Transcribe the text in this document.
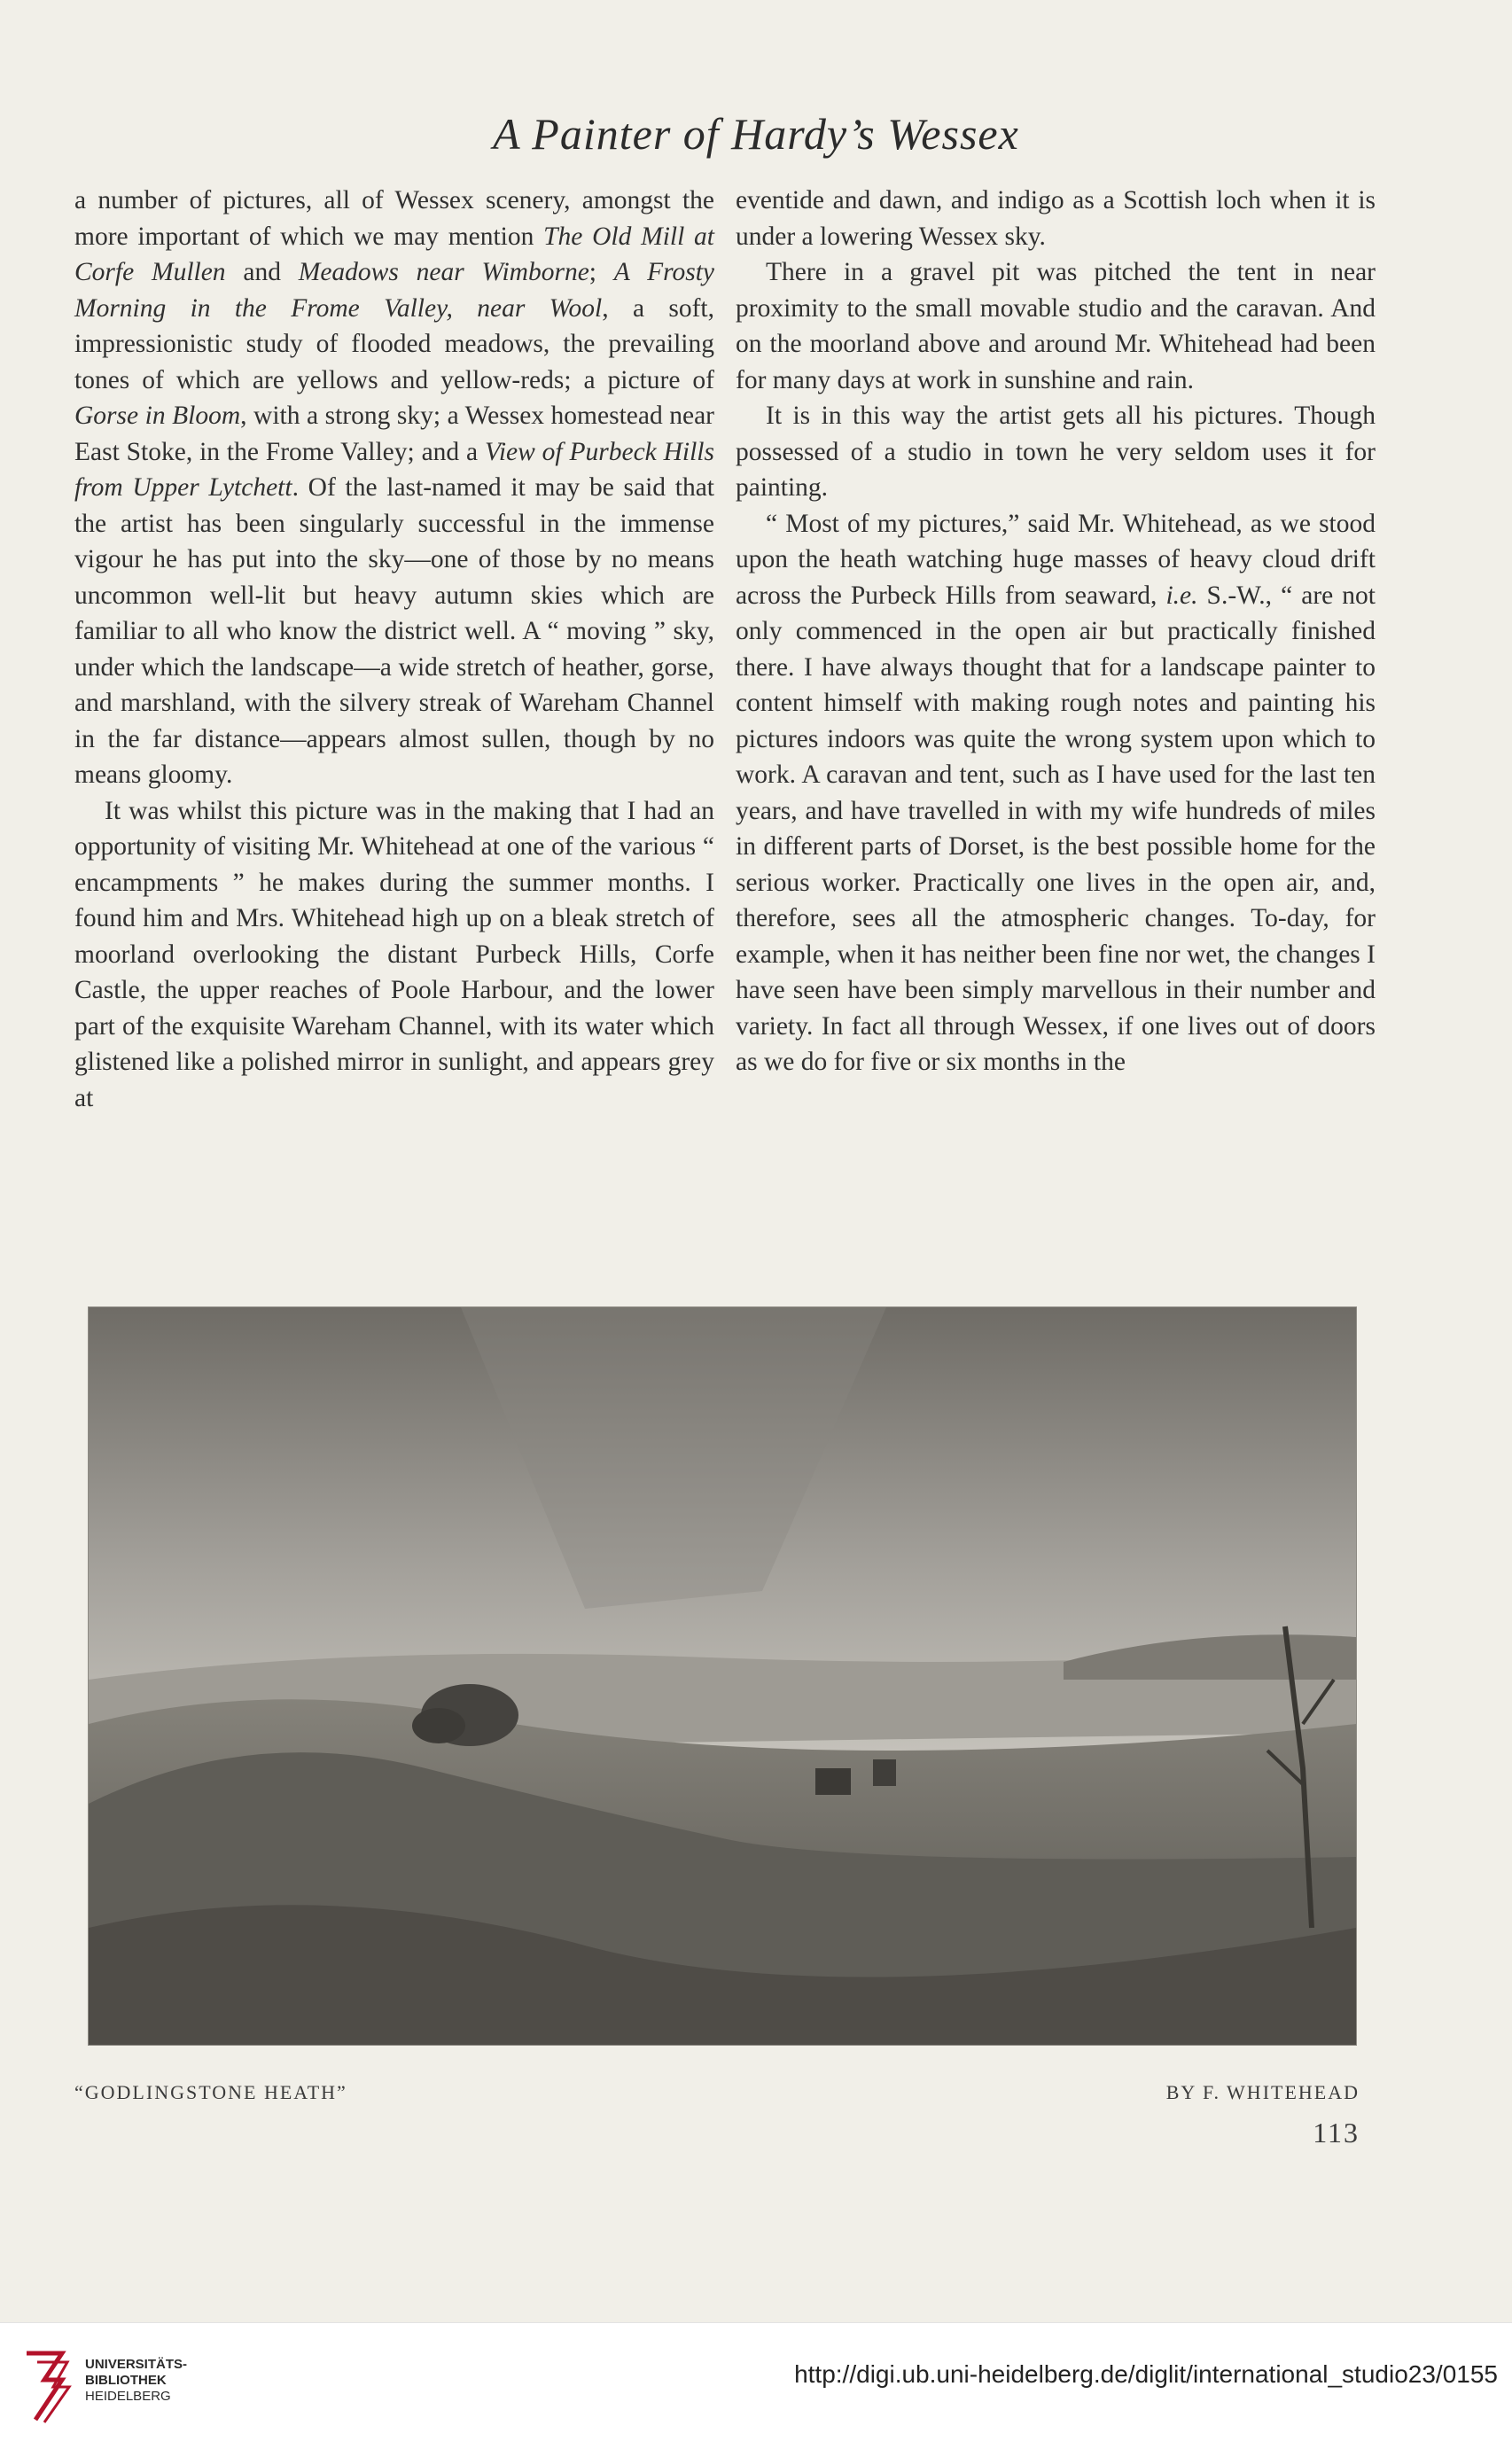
A Painter of Hardy’s Wessex

a number of pictures, all of Wessex scenery, amongst the more important of which we may mention The Old Mill at Corfe Mullen and Meadows near Wimborne; A Frosty Morning in the Frome Valley, near Wool, a soft, impressionistic study of flooded meadows, the prevailing tones of which are yellows and yellow-reds; a picture of Gorse in Bloom, with a strong sky; a Wessex homestead near East Stoke, in the Frome Valley; and a View of Purbeck Hills from Upper Lytchett. Of the last-named it may be said that the artist has been singularly successful in the immense vigour he has put into the sky—one of those by no means uncommon well-lit but heavy autumn skies which are familiar to all who know the district well. A “ moving ” sky, under which the landscape—a wide stretch of heather, gorse, and marshland, with the silvery streak of Wareham Channel in the far distance—appears almost sullen, though by no means gloomy.

It was whilst this picture was in the making that I had an opportunity of visiting Mr. Whitehead at one of the various “ encampments ” he makes during the summer months. I found him and Mrs. Whitehead high up on a bleak stretch of moorland overlooking the distant Purbeck Hills, Corfe Castle, the upper reaches of Poole Harbour, and the lower part of the exquisite Wareham Channel, with its water which glistened like a polished mirror in sunlight, and appears grey at

eventide and dawn, and indigo as a Scottish loch when it is under a lowering Wessex sky.

There in a gravel pit was pitched the tent in near proximity to the small movable studio and the caravan. And on the moorland above and around Mr. Whitehead had been for many days at work in sunshine and rain.

It is in this way the artist gets all his pictures. Though possessed of a studio in town he very seldom uses it for painting.

“ Most of my pictures,” said Mr. Whitehead, as we stood upon the heath watching huge masses of heavy cloud drift across the Purbeck Hills from seaward, i.e. S.-W., “ are not only commenced in the open air but practically finished there. I have always thought that for a landscape painter to content himself with making rough notes and painting his pictures indoors was quite the wrong system upon which to work. A caravan and tent, such as I have used for the last ten years, and have travelled in with my wife hundreds of miles in different parts of Dorset, is the best possible home for the serious worker. Practically one lives in the open air, and, therefore, sees all the atmospheric changes. To-day, for example, when it has neither been fine nor wet, the changes I have seen have been simply marvellous in their number and variety. In fact all through Wessex, if one lives out of doors as we do for five or six months in the

“GODLINGSTONE HEATH”	BY F. WHITEHEAD
113
UNIVERSITÄTS-
BIBLIOTHEK
HEIDELBERG
http://digi.ub.uni-heidelberg.de/diglit/international_studio23/0155
